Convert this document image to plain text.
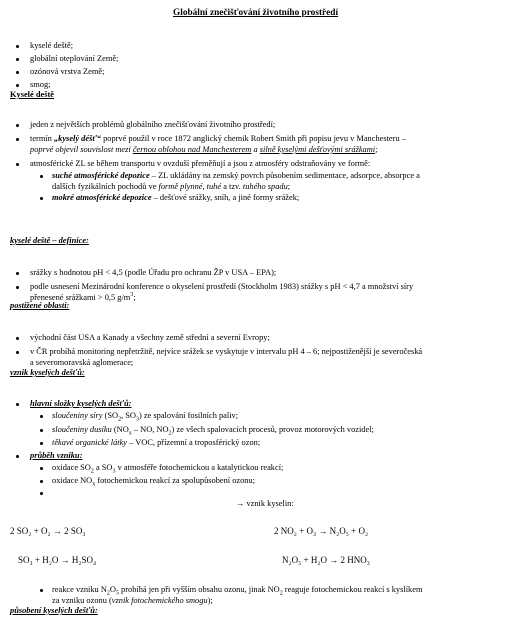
Globální znečišťování životního prostředí
kyselé deště;
globální oteplování Země;
ozónová vrstva Země;
smog;
Kyselé deště
jeden z největších problémů globálního znečišťování životního prostředí;
termín „kyselý déšť“ poprvé použil v roce 1872 anglický chemik Robert Smith při popisu jevu v Manchesteru –
poprvé objevil souvislost mezi černou oblohou nad Manchesterem a silně kyselými dešťovými srážkami;
atmosférické ZL se během transportu v ovzduší přeměňují a jsou z atmosféry odstraňovány ve formě:
suché atmosférické depozice – ZL ukládány na zemský povrch působením sedimentace, adsorpce, absorpce a
dalších fyzikálních pochodů ve formě plynné, tuhé a tzv. tuhého spadu;
mokré atmosférické depozice – dešťové srážky, sníh, a jiné formy srážek;
kyselé deště – definice:
srážky s hodnotou pH < 4,5 (podle Úřadu pro ochranu ŽP v USA – EPA);
podle usnesení Mezinárodní konference o okyselení prostředí (Stockholm 1983) srážky s pH < 4,7 a množství síry
přenesené srážkami > 0,5 $g/m^3$;
postižené oblasti:
východní část USA a Kanady a všechny země střední a severní Evropy;
v ČR probíhá monitoring nepřetržitě, nejvíce srážek se vyskytuje v intervalu pH 4 – 6; nejpostiženější je severočeská
a severomoravská aglomerace;
vznik kyselých dešťů:
hlavní složky kyselých dešťů:
sloučeniny síry ($SO_2$, $SO_3$) ze spalování fosilních paliv;
sloučeniny dusíku ($NO_x$ – NO, $NO_2$) ze všech spalovacích procesů, provoz motorových vozidel;
těkavé organické látky – VOC, přízemní a troposférický ozon;
průběh vzniku:
oxidace $SO_2$ a $SO_3$ v atmosféře fotochemickou a katalytickou reakcí;
oxidace $NO_x$ fotochemickou reakcí za spolupůsobení ozonu;
→ vznik kyselin:
2 SO₂ + O₂ → 2 SO₃	2 NO₂ + O₃ → N₂O₅ + O₂
SO₃ + H₂O → H₂SO₄	N₂O₅ + H₂O → 2 HNO₃
reakce vzniku $N_2O_5$ probíhá jen při vyšším obsahu ozonu, jinak $NO_2$ reaguje fotochemickou reakcí s kyslíkem
za vzniku ozonu (vznik fotochemického smogu);
působení kyselých dešťů:
